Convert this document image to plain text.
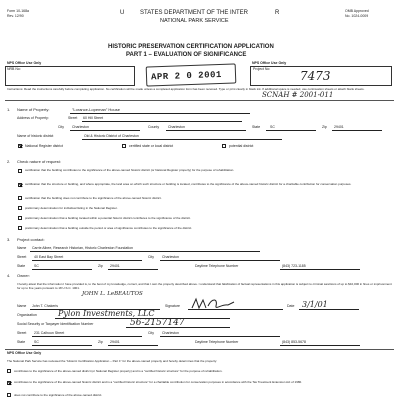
Form 10-168a
Rev. 12/90	U	STATES DEPARTMENT OF THE INTER	R
NATIONAL PARK SERVICE
OMB Approved
No. 1024-0009
HISTORIC PRESERVATION CERTIFICATION APPLICATION
PART 1 – EVALUATION OF SIGNIFICANCE
NPS Office Use Only
NRB No:
APR 2 0 2001
NPS Office Use Only
Project No: 7473
SCNAH # 2001-011
Instructions: Read the instructions carefully before completing application. No certification will be made unless a completed application form has been received. Type or print clearly in black ink. If additional space is needed, use continuation sheets or attach blank sheets.
1. Name of Property:	"Lorance-Lopeman" House
Address of Property:	Street 60 Hill Street
City Charleston	County	Charleston	State	SC	Zip 29401
Name of historic district	Old & Historic District of Charleston
National Register district	certified state or local district	potential district
2. Check nature of request:
certification that the building contributes to the significance of the above-named historic district (or National Register property) for the purpose of rehabilitation.
certification that the structure or building, and where appropriate, the land area on which such structure or building is located, contributes to the significance of the above-named historic district for a charitable contribution for conservation purposes.
certification that the building does not contribute to the significance of the above-named historic district.
preliminary determination for individual listing in the National Register.
preliminary determination that a building located within a potential historic district contributes to the significance of the district.
preliminary determination that a building outside the period or area of significance contributes to the significance of the district.
3. Project contact:
Name Carrie Albee, Research Historian, Historic Charleston Foundation
Street 40 East Bay Street	City Charleston
State	SC	Zip 29401	Daytime Telephone Number	(843) 723-1185
4. Owner:
I hereby attest that the information I have provided is, to the best of my knowledge, correct, and that I own the property described above. I understand that falsification of factual representations in this application is subject to criminal sanctions of up to $10,000 in fines or imprisonment for up to five years pursuant to 18 U.S.C. 1001.
JOHN L. LeBEAUTOS
Name John T. Chakeris	Signature	Date 3/1/01
Organization	Pylon Investments, LLC
Social Security or Taxpayer Identification Number	56-2157147
Street 231 Calhoun Street	City Charleston
State	SC	Zip 29401	Daytime Telephone Number	(843) 853-5678
NPS Office Use Only
The National Park Service has reviewed the "Historic Certification Application – Part 1" for the above-named property and hereby determines that the property:
contributes to the significance of the above-named district (or National Register property) and is a "certified historic structure" for the purpose of rehabilitation.
contributes to the significance of the above-named historic district and is a "certified historic structure" for a charitable contribution for conservation purposes in accordance with the Tax Treatment Extension Act of 1980.
does not contribute to the significance of the above-named district.
